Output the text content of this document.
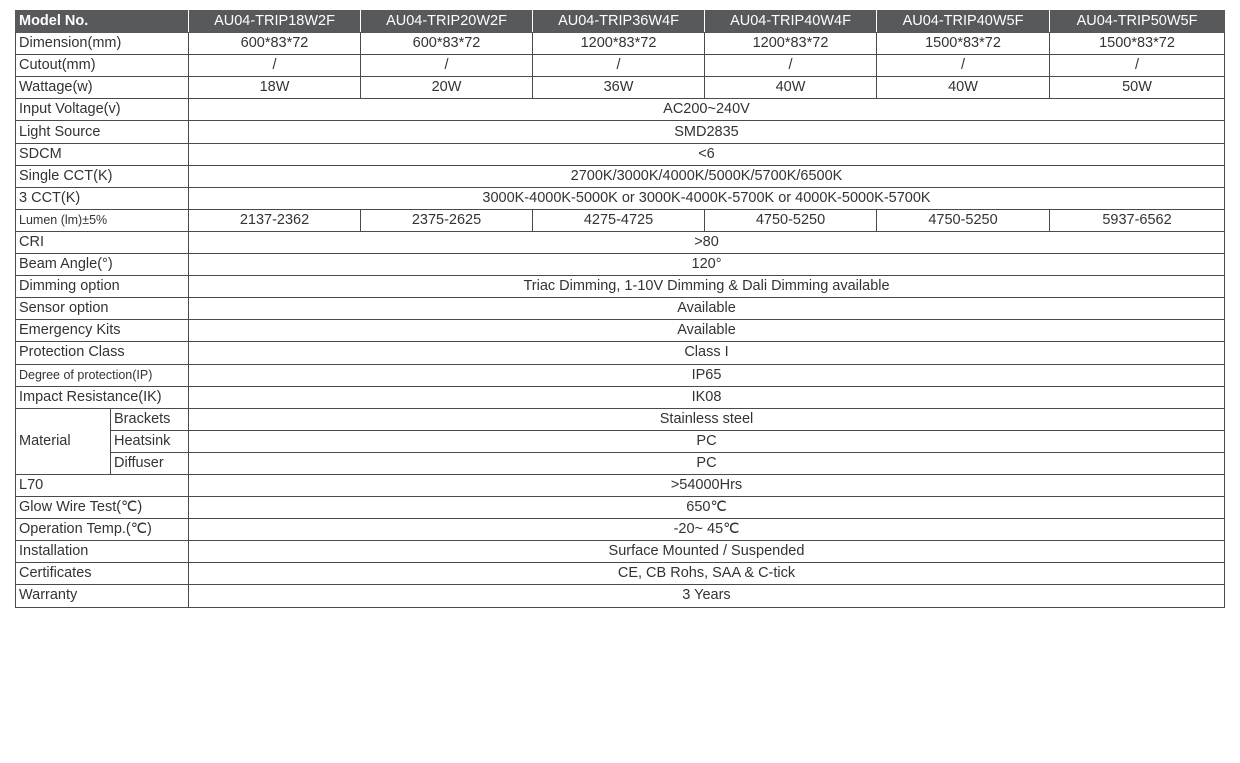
Model No.		AU04-TRIP18W2F	AU04-TRIP20W2F	AU04-TRIP36W4F	AU04-TRIP40W4F	AU04-TRIP40W5F	AU04-TRIP50W5F
Dimension(mm)		600*83*72	600*83*72	1200*83*72	1200*83*72	1500*83*72	1500*83*72
Cutout(mm)		/	/	/	/	/	/
Wattage(w)		18W	20W	36W	40W	40W	50W
Input Voltage(v)		AC200~240V					
Light Source		SMD2835					
SDCM		<6					
Single CCT(K)		2700K/3000K/4000K/5000K/5700K/6500K					
3 CCT(K)		3000K-4000K-5000K or 3000K-4000K-5700K or 4000K-5000K-5700K					
Lumen (lm)±5%		2137-2362	2375-2625	4275-4725	4750-5250	4750-5250	5937-6562
CRI		>80					
Beam Angle(°)		120°					
Dimming option		Triac Dimming, 1-10V Dimming & Dali Dimming available					
Sensor option		Available					
Emergency Kits		Available					
Protection Class		Class I					
Degree of protection(IP)		IP65					
Impact Resistance(IK)		IK08					
Material	Brackets	Stainless steel					
	Heatsink	PC					
	Diffuser	PC					
L70		>54000Hrs					
Glow Wire Test(℃)		650℃					
Operation Temp.(℃)		-20~ 45℃					
Installation		Surface Mounted / Suspended					
Certificates		CE, CB Rohs, SAA & C-tick					
Warranty		3 Years					
